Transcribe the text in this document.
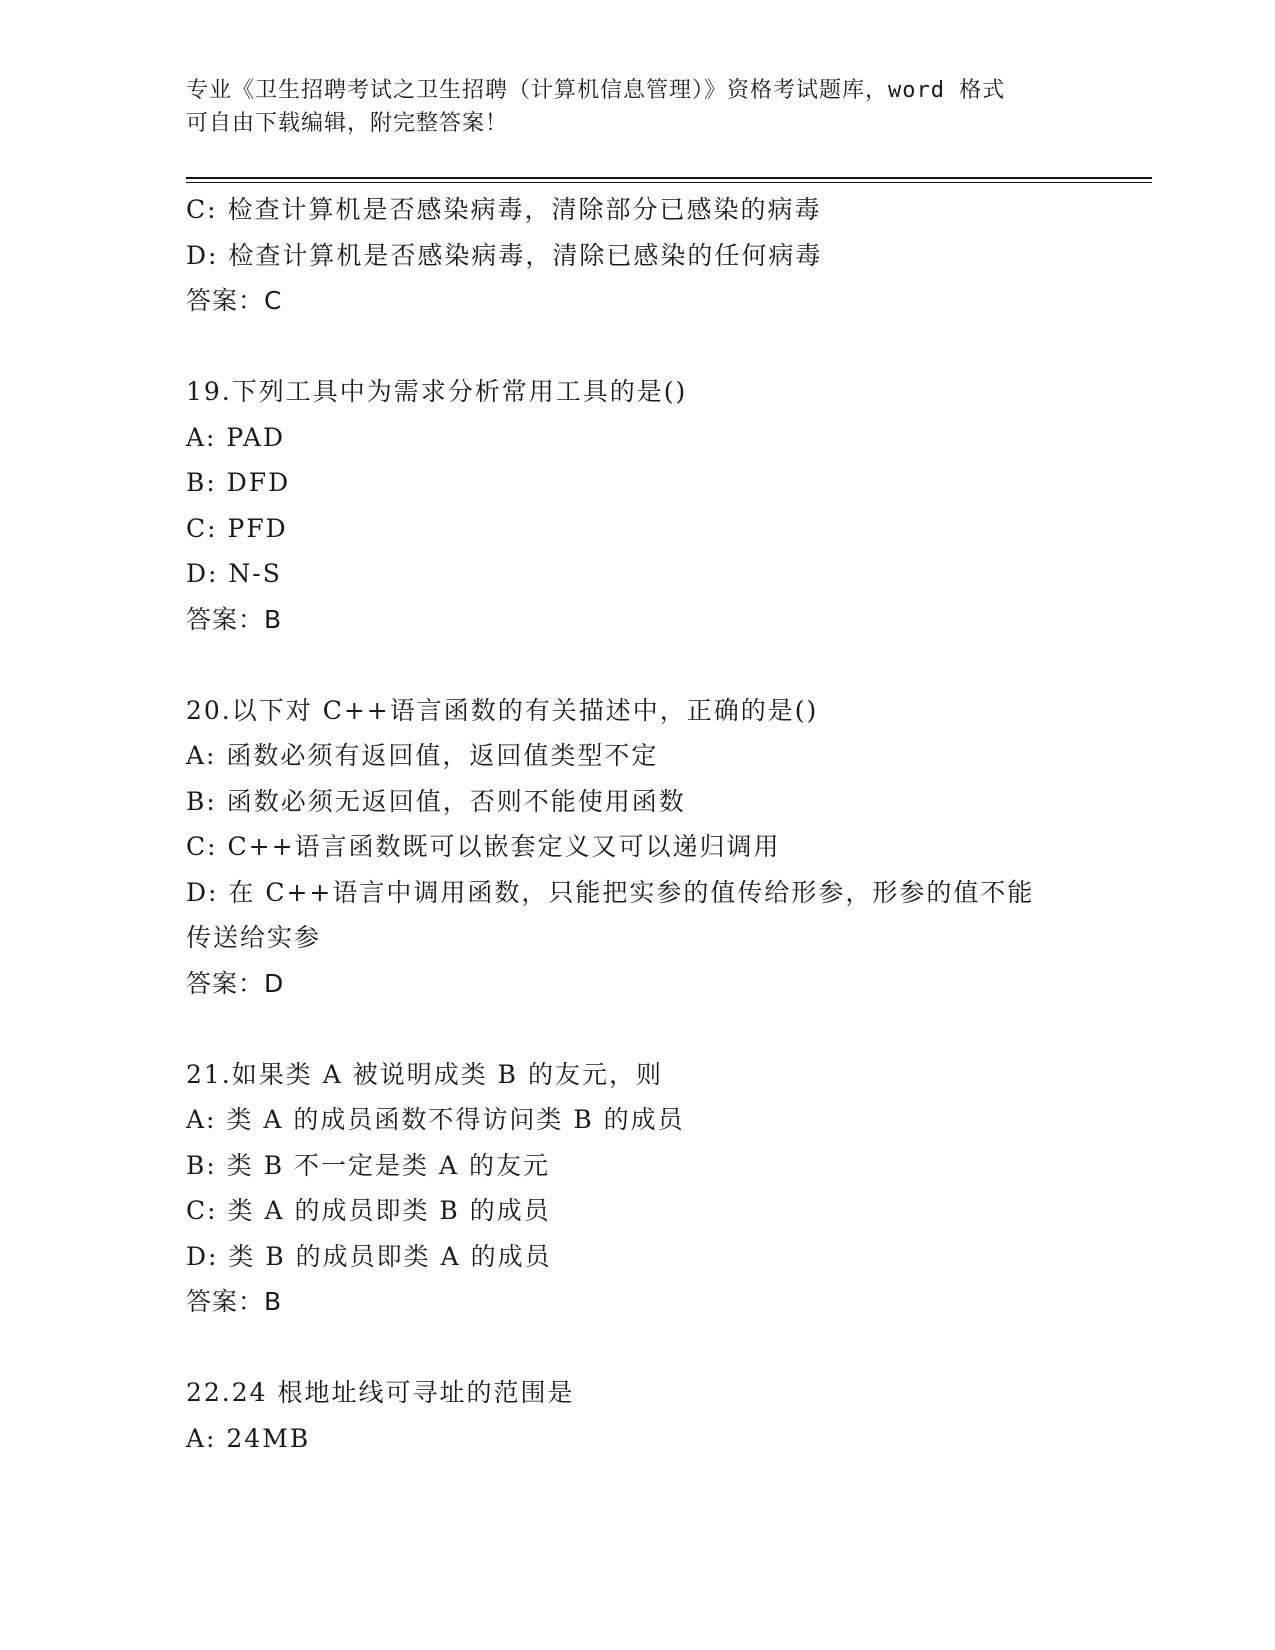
专业《卫生招聘考试之卫生招聘（计算机信息管理）》资格考试题库，word 格式
可自由下载编辑，附完整答案！
C: 检查计算机是否感染病毒，清除部分已感染的病毒
D: 检查计算机是否感染病毒，清除已感染的任何病毒
答案：C
19.下列工具中为需求分析常用工具的是()
A: PAD
B: DFD
C: PFD
D: N-S
答案：B
20.以下对 C++语言函数的有关描述中，正确的是()
A: 函数必须有返回值，返回值类型不定
B: 函数必须无返回值，否则不能使用函数
C: C++语言函数既可以嵌套定义又可以递归调用
D: 在 C++语言中调用函数，只能把实参的值传给形参，形参的值不能
传送给实参
答案：D
21.如果类 A 被说明成类 B 的友元，则
A: 类 A 的成员函数不得访问类 B 的成员
B: 类 B 不一定是类 A 的友元
C: 类 A 的成员即类 B 的成员
D: 类 B 的成员即类 A 的成员
答案：B
22.24 根地址线可寻址的范围是
A: 24MB
